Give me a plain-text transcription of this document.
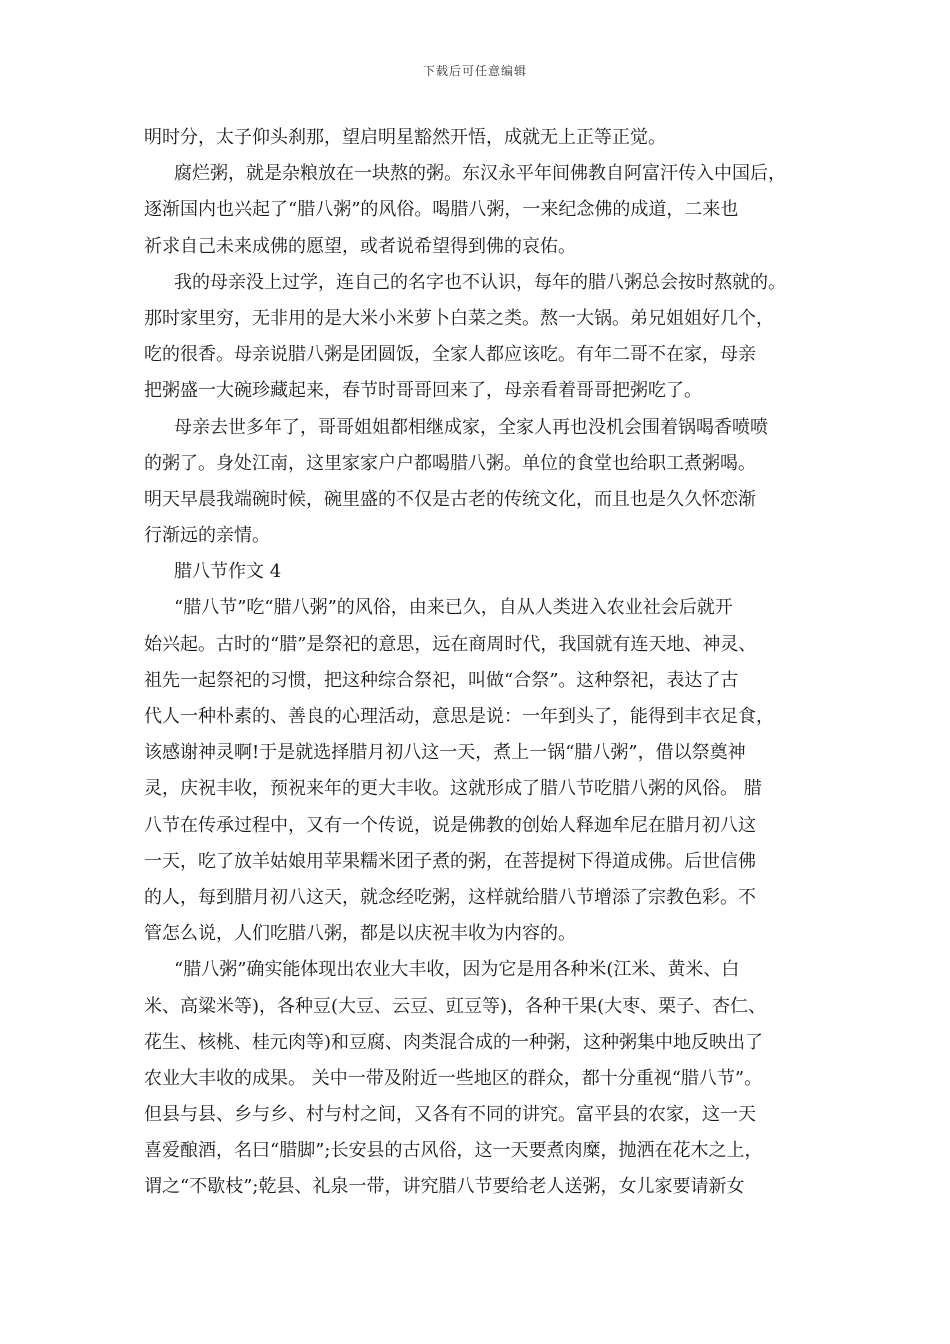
下载后可任意编辑
明时分，太子仰头刹那，望启明星豁然开悟，成就无上正等正觉。
腐烂粥，就是杂粮放在一块熬的粥。东汉永平年间佛教自阿富汗传入中国后，
逐渐国内也兴起了“腊八粥”的风俗。喝腊八粥，一来纪念佛的成道，二来也
祈求自己未来成佛的愿望，或者说希望得到佛的哀佑。
我的母亲没上过学，连自己的名字也不认识，每年的腊八粥总会按时熬就的。
那时家里穷，无非用的是大米小米萝卜白菜之类。熬一大锅。弟兄姐姐好几个，
吃的很香。母亲说腊八粥是团圆饭，全家人都应该吃。有年二哥不在家，母亲
把粥盛一大碗珍藏起来，春节时哥哥回来了，母亲看着哥哥把粥吃了。
母亲去世多年了，哥哥姐姐都相继成家，全家人再也没机会围着锅喝香喷喷
的粥了。身处江南，这里家家户户都喝腊八粥。单位的食堂也给职工煮粥喝。
明天早晨我端碗时候，碗里盛的不仅是古老的传统文化，而且也是久久怀恋渐
行渐远的亲情。
腊八节作文 4
“腊八节”吃“腊八粥”的风俗，由来已久，自从人类进入农业社会后就开
始兴起。古时的“腊”是祭祀的意思，远在商周时代，我国就有连天地、神灵、
祖先一起祭祀的习惯，把这种综合祭祀，叫做“合祭”。这种祭祀，表达了古
代人一种朴素的、善良的心理活动，意思是说：一年到头了，能得到丰衣足食，
该感谢神灵啊!于是就选择腊月初八这一天，煮上一锅“腊八粥”，借以祭奠神
灵，庆祝丰收，预祝来年的更大丰收。这就形成了腊八节吃腊八粥的风俗。 腊
八节在传承过程中，又有一个传说，说是佛教的创始人释迦牟尼在腊月初八这
一天，吃了放羊姑娘用苹果糯米团子煮的粥，在菩提树下得道成佛。后世信佛
的人，每到腊月初八这天，就念经吃粥，这样就给腊八节增添了宗教色彩。不
管怎么说，人们吃腊八粥，都是以庆祝丰收为内容的。
“腊八粥”确实能体现出农业大丰收，因为它是用各种米(江米、黄米、白
米、高粱米等)，各种豆(大豆、云豆、豇豆等)，各种干果(大枣、栗子、杏仁、
花生、核桃、桂元肉等)和豆腐、肉类混合成的一种粥，这种粥集中地反映出了
农业大丰收的成果。 关中一带及附近一些地区的群众，都十分重视“腊八节”。
但县与县、乡与乡、村与村之间，又各有不同的讲究。富平县的农家，这一天
喜爱酿酒，名曰“腊脚”;长安县的古风俗，这一天要煮肉糜，抛洒在花木之上，
谓之“不歇枝”;乾县、礼泉一带，讲究腊八节要给老人送粥，女儿家要请新女
